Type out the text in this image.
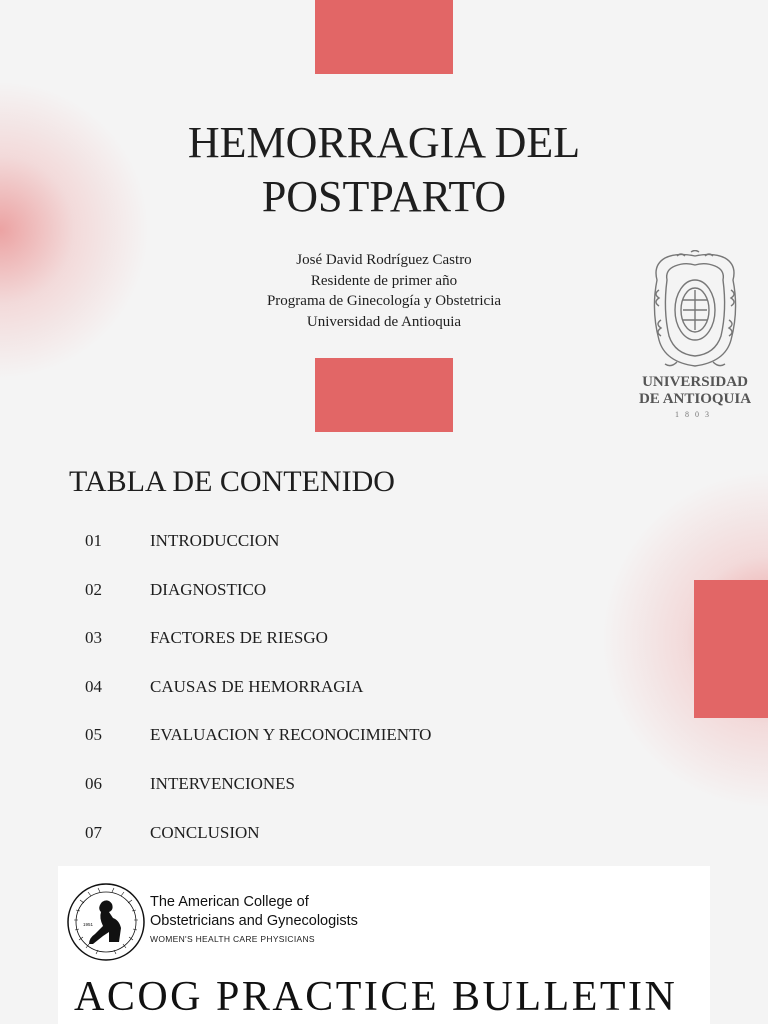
HEMORRAGIA DEL
POSTPARTO
José David Rodríguez Castro
Residente de primer año
Programa de Ginecología y Obstetricia
Universidad de Antioquia
UNIVERSIDAD
DE ANTIOQUIA
1803
TABLA DE CONTENIDO
01	INTRODUCCION
02	DIAGNOSTICO
03	FACTORES DE RIESGO
04	CAUSAS DE HEMORRAGIA
05	EVALUACION Y RECONOCIMIENTO
06	INTERVENCIONES
07	CONCLUSION
1951
The American College of
Obstetricians and Gynecologists
WOMEN'S HEALTH CARE PHYSICIANS
ACOG PRACTICE BULLETIN
